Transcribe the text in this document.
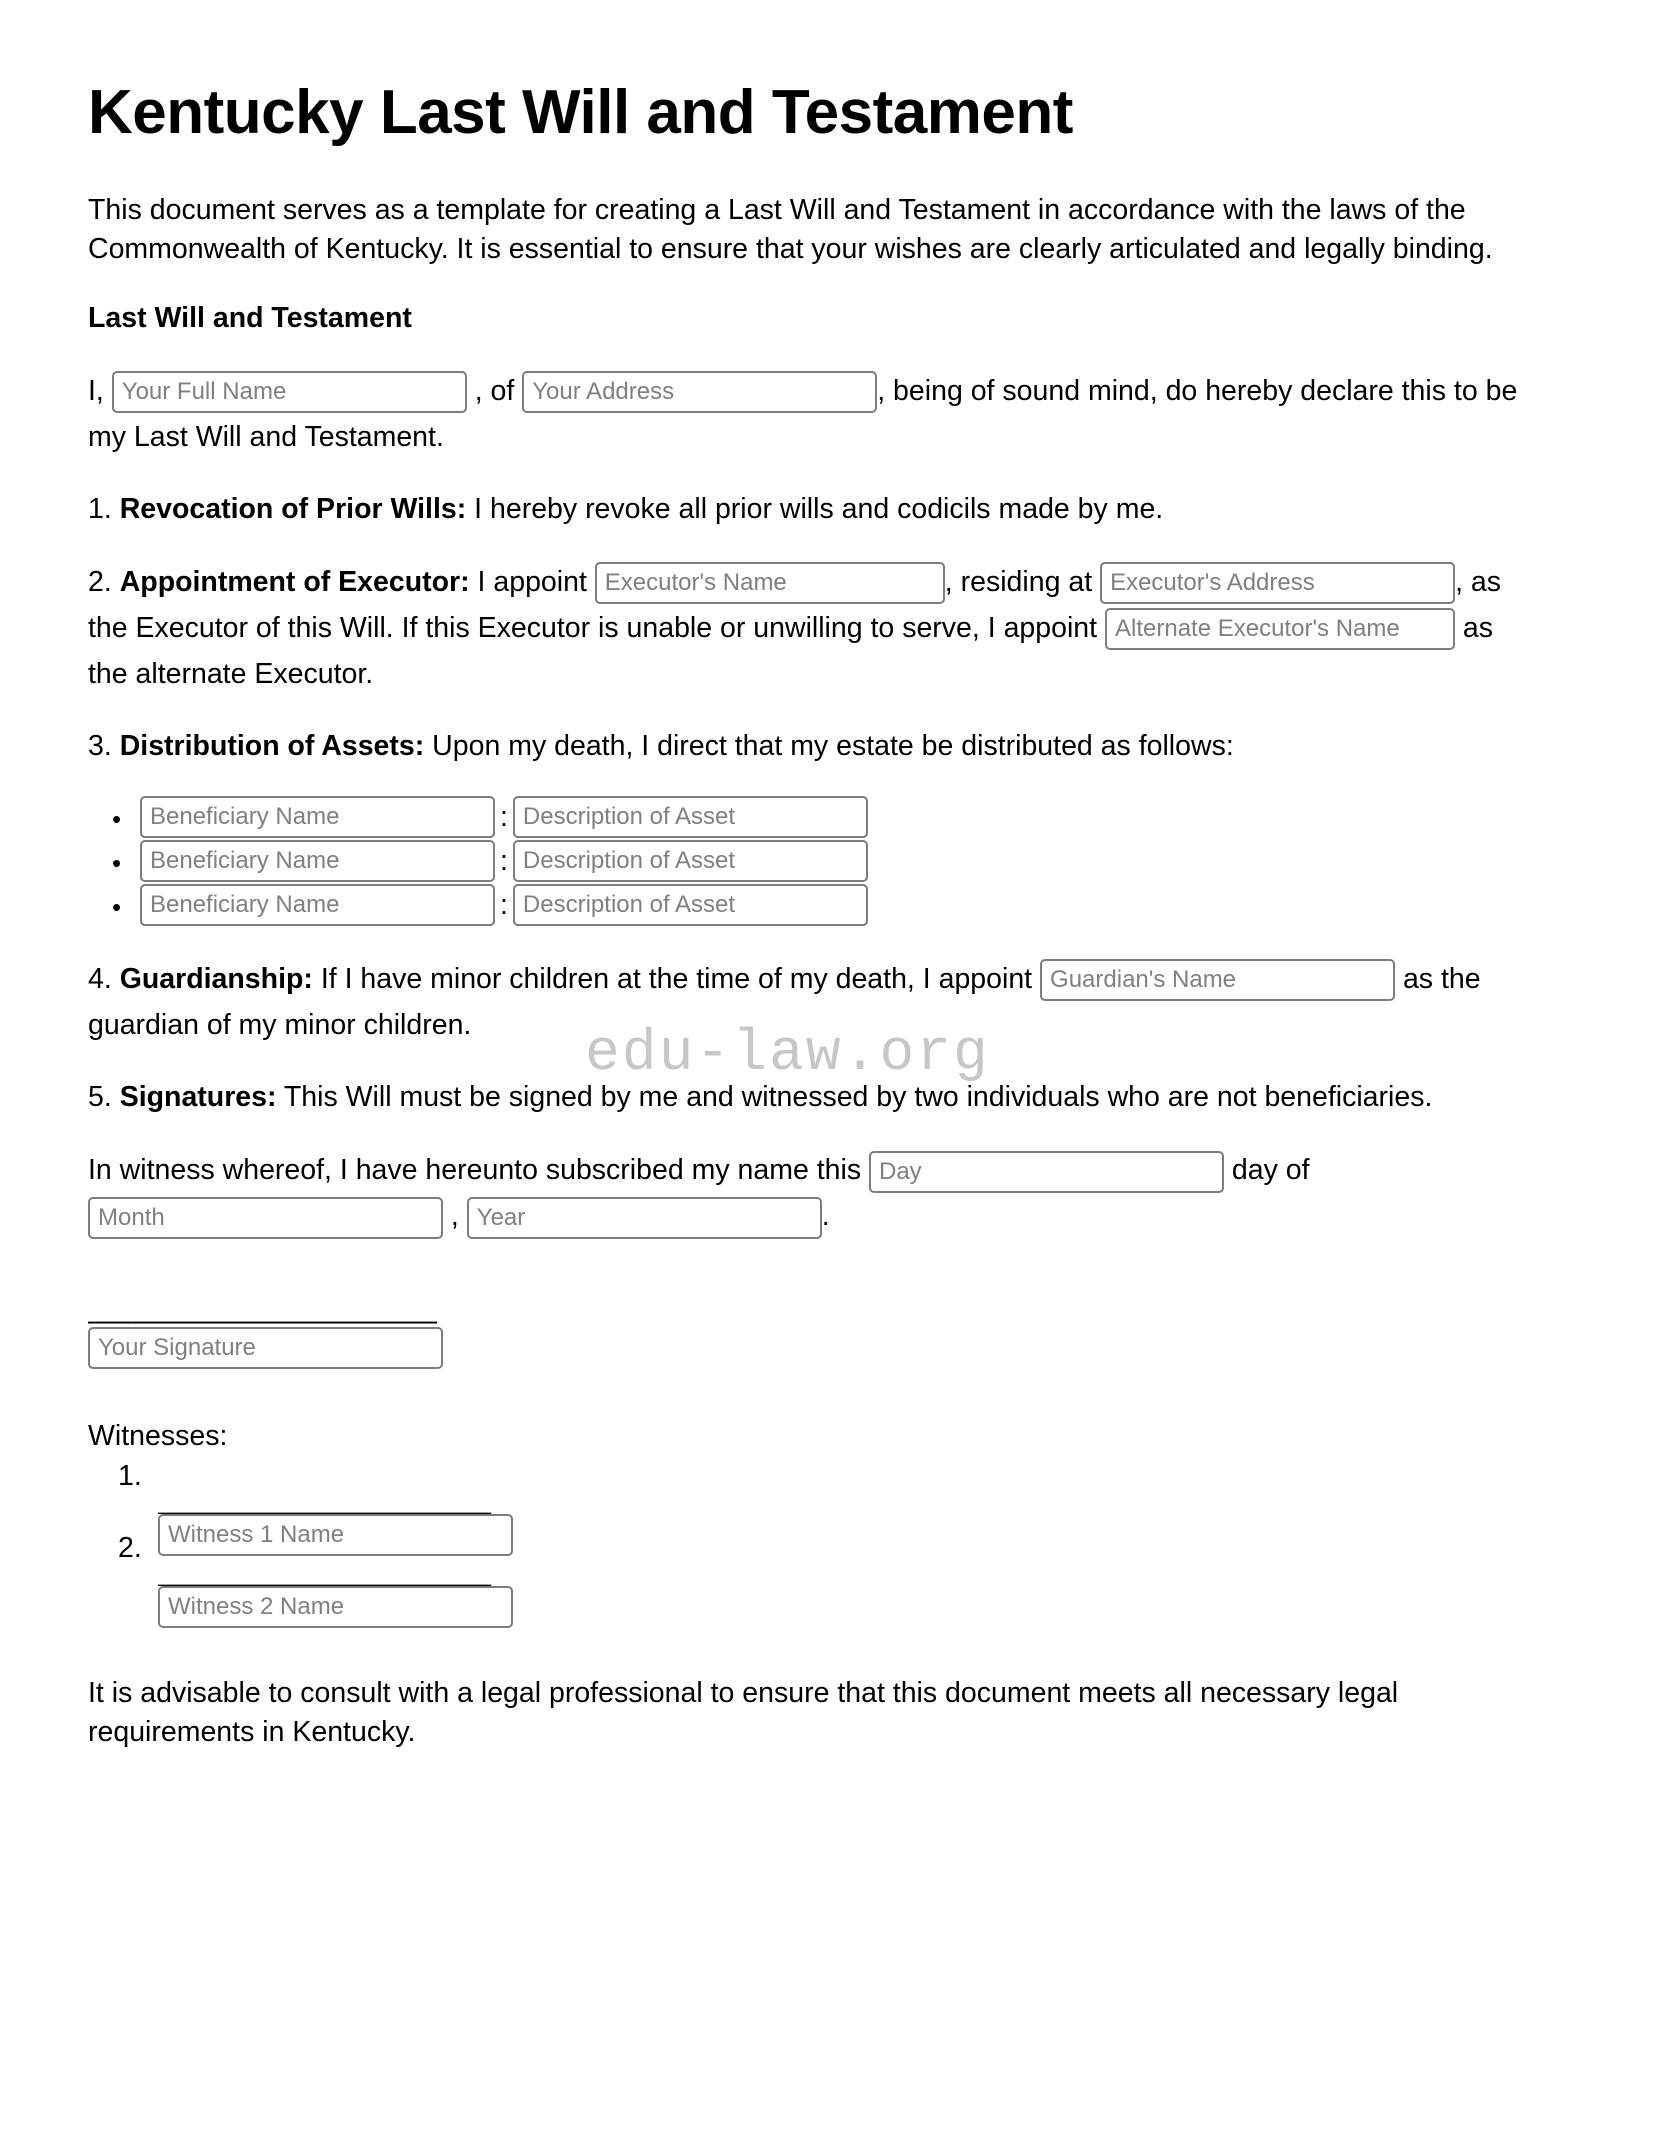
edu-law.org
Kentucky Last Will and Testament

This document serves as a template for creating a Last Will and Testament in accordance with the laws of the Commonwealth of Kentucky. It is essential to ensure that your wishes are clearly articulated and legally binding.

Last Will and Testament

I, Your Full Name	, of Your Address	, being of sound mind, do hereby declare this to be my Last Will and Testament.

1. Revocation of Prior Wills: I hereby revoke all prior wills and codicils made by me.

2. Appointment of Executor: I appoint Executor's Name	, residing at Executor's Address	, as the Executor of this Will. If this Executor is unable or unwilling to serve, I appoint Alternate Executor's Name	as the alternate Executor.

3. Distribution of Assets: Upon my death, I direct that my estate be distributed as follows:

Beneficiary Name • :Description of Asset
Beneficiary Name • :Description of Asset
Beneficiary Name • :Description of Asset

4. Guardianship: If I have minor children at the time of my death, I appoint Guardian's Name	as the guardian of my minor children.

5. Signatures: This Will must be signed by me and witnessed by two individuals who are not beneficiaries.

In witness whereof, I have hereunto subscribed my name this Day	day of Month , Year	.

______________________
Your Signature
Witnesses:
_____________________
Witness 1 Name
_____________________
Witness 2 Name

It is advisable to consult with a legal professional to ensure that this document meets all necessary legal requirements in Kentucky.
